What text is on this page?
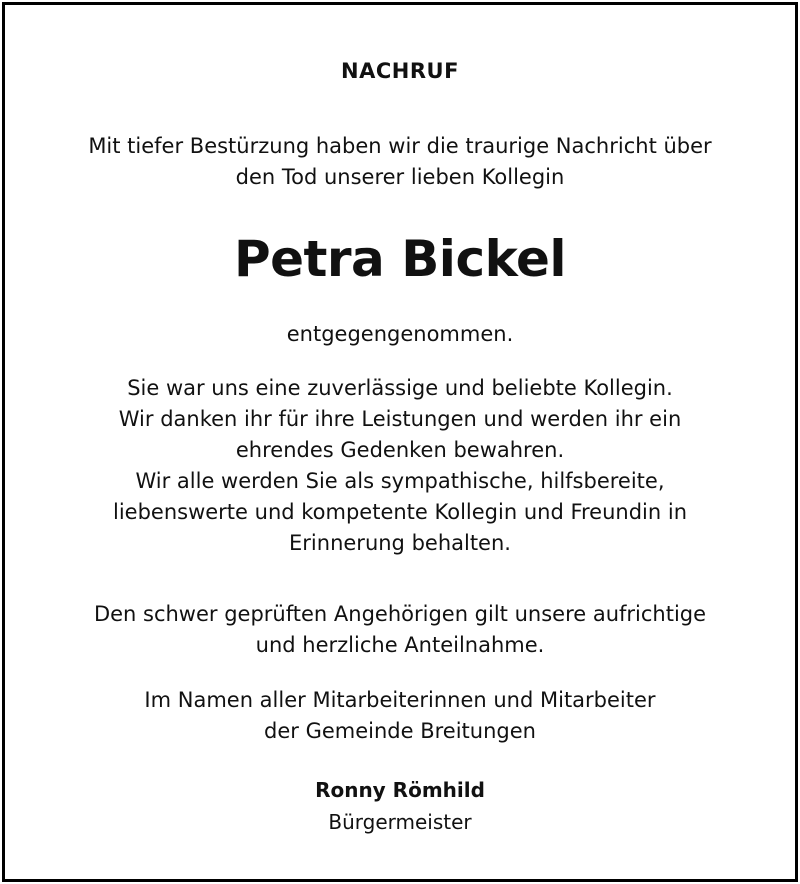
NACHRUF
Mit tiefer Bestürzung haben wir die traurige Nachricht über
den Tod unserer lieben Kollegin
Petra Bickel
entgegengenommen.
Sie war uns eine zuverlässige und beliebte Kollegin.
Wir danken ihr für ihre Leistungen und werden ihr ein
ehrendes Gedenken bewahren.
Wir alle werden Sie als sympathische, hilfsbereite,
liebenswerte und kompetente Kollegin und Freundin in
Erinnerung behalten.
Den schwer geprüften Angehörigen gilt unsere aufrichtige
und herzliche Anteilnahme.
Im Namen aller Mitarbeiterinnen und Mitarbeiter
der Gemeinde Breitungen
Ronny Römhild
Bürgermeister
